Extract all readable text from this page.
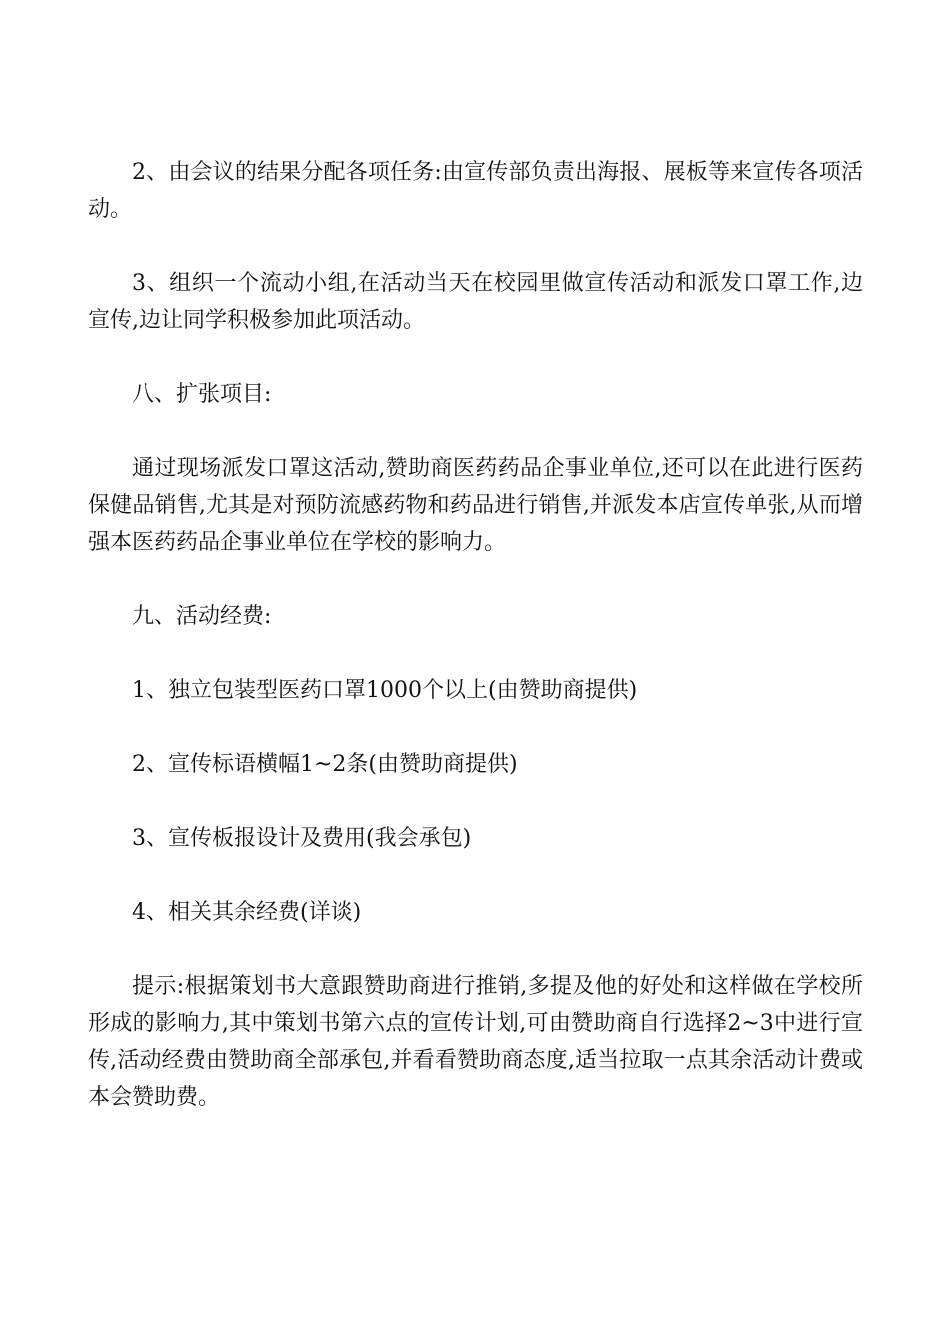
2、由会议的结果分配各项任务:由宣传部负责出海报、展板等来宣传各项活动。

3、组织一个流动小组,在活动当天在校园里做宣传活动和派发口罩工作,边宣传,边让同学积极参加此项活动。

八、扩张项目:

通过现场派发口罩这活动,赞助商医药药品企事业单位,还可以在此进行医药保健品销售,尤其是对预防流感药物和药品进行销售,并派发本店宣传单张,从而增强本医药药品企事业单位在学校的影响力。

九、活动经费:

1、独立包装型医药口罩1000个以上(由赞助商提供)

2、宣传标语横幅1~2条(由赞助商提供)

3、宣传板报设计及费用(我会承包)

4、相关其余经费(详谈)

提示:根据策划书大意跟赞助商进行推销,多提及他的好处和这样做在学校所形成的影响力,其中策划书第六点的宣传计划,可由赞助商自行选择2~3中进行宣传,活动经费由赞助商全部承包,并看看赞助商态度,适当拉取一点其余活动计费或本会赞助费。
